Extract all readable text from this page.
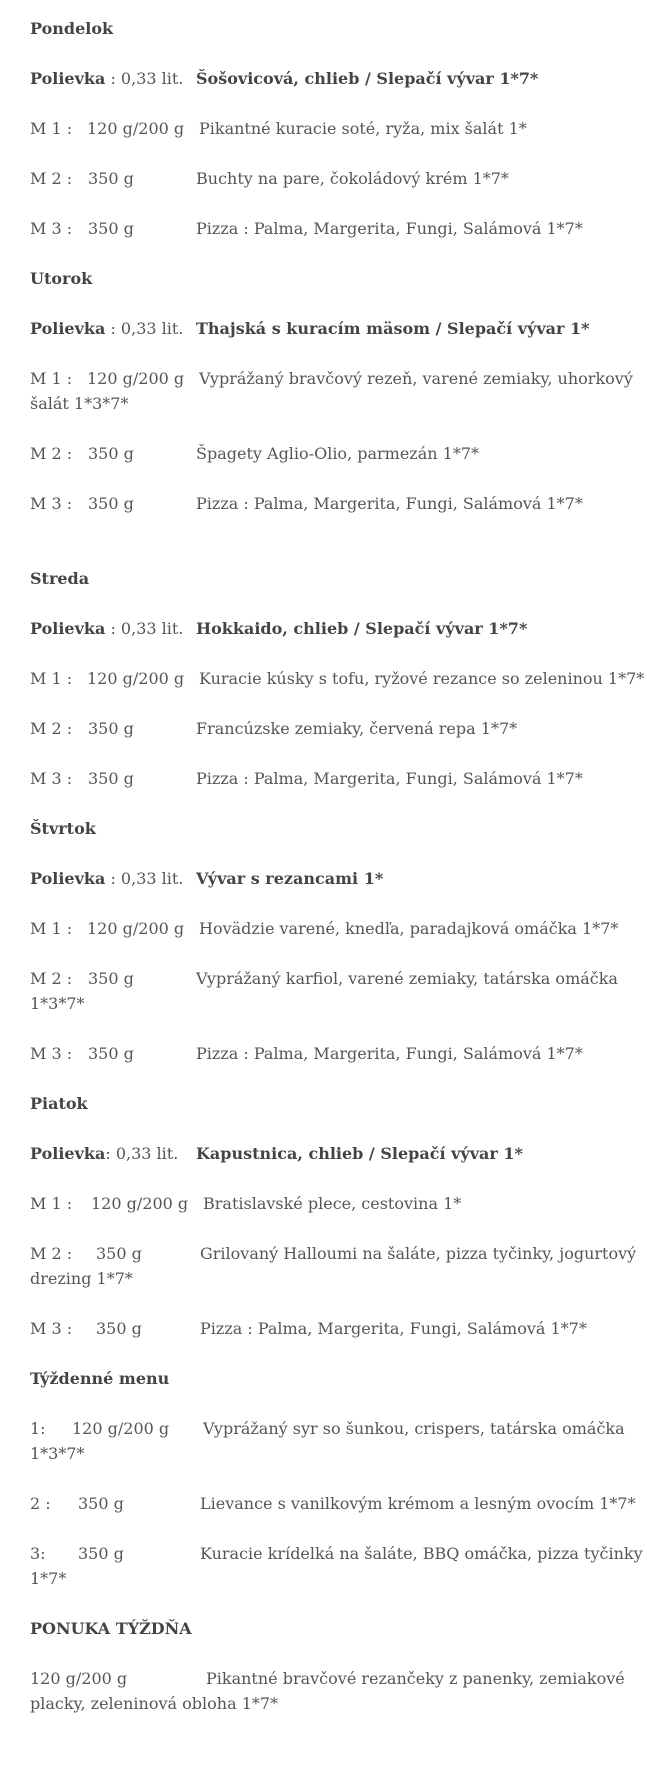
Pondelok
Polievka : 0,33 lit. Šošovicová, chlieb / Slepačí vývar 1*7*
M 1 : 120 g/200 g Pikantné kuracie soté, ryža, mix šalát 1*
M 2 : 350 g	Buchty na pare, čokoládový krém 1*7*
M 3 : 350 g	Pizza : Palma, Margerita, Fungi, Salámová 1*7*
Utorok
Polievka : 0,33 lit. Thajská s kuracím mäsom / Slepačí vývar 1*
M 1 : 120 g/200 g Vyprážaný bravčový rezeň, varené zemiaky, uhorkový
šalát 1*3*7*
M 2 : 350 g	Špagety Aglio-Olio, parmezán 1*7*
M 3 : 350 g	Pizza : Palma, Margerita, Fungi, Salámová 1*7*
Streda
Polievka : 0,33 lit. Hokkaido, chlieb / Slepačí vývar 1*7*
M 1 : 120 g/200 g Kuracie kúsky s tofu, ryžové rezance so zeleninou 1*7*
M 2 : 350 g	Francúzske zemiaky, červená repa 1*7*
M 3 : 350 g	Pizza : Palma, Margerita, Fungi, Salámová 1*7*
Štvrtok
Polievka : 0,33 lit. Vývar s rezancami 1*
M 1 : 120 g/200 g Hovädzie varené, knedľa, paradajková omáčka 1*7*
M 2 : 350 g	Vyprážaný karfiol, varené zemiaky, tatárska omáčka
1*3*7*
M 3 : 350 g	Pizza : Palma, Margerita, Fungi, Salámová 1*7*
Piatok
Polievka: 0,33 lit. Kapustnica, chlieb / Slepačí vývar 1*
M 1 : 120 g/200 g Bratislavské plece, cestovina 1*
M 2 : 350 g	Grilovaný Halloumi na šaláte, pizza tyčinky, jogurtový
drezing 1*7*
M 3 : 350 g	Pizza : Palma, Margerita, Fungi, Salámová 1*7*
Týždenné menu
1: 120 g/200 g Vyprážaný syr so šunkou, crispers, tatárska omáčka
1*3*7*
2 : 350 g	Lievance s vanilkovým krémom a lesným ovocím 1*7*
3: 350 g	Kuracie krídelká na šaláte, BBQ omáčka, pizza tyčinky
1*7*
PONUKA TÝŽDŇA
120 g/200 g	Pikantné bravčové rezančeky z panenky, zemiakové
placky, zeleninová obloha 1*7*
